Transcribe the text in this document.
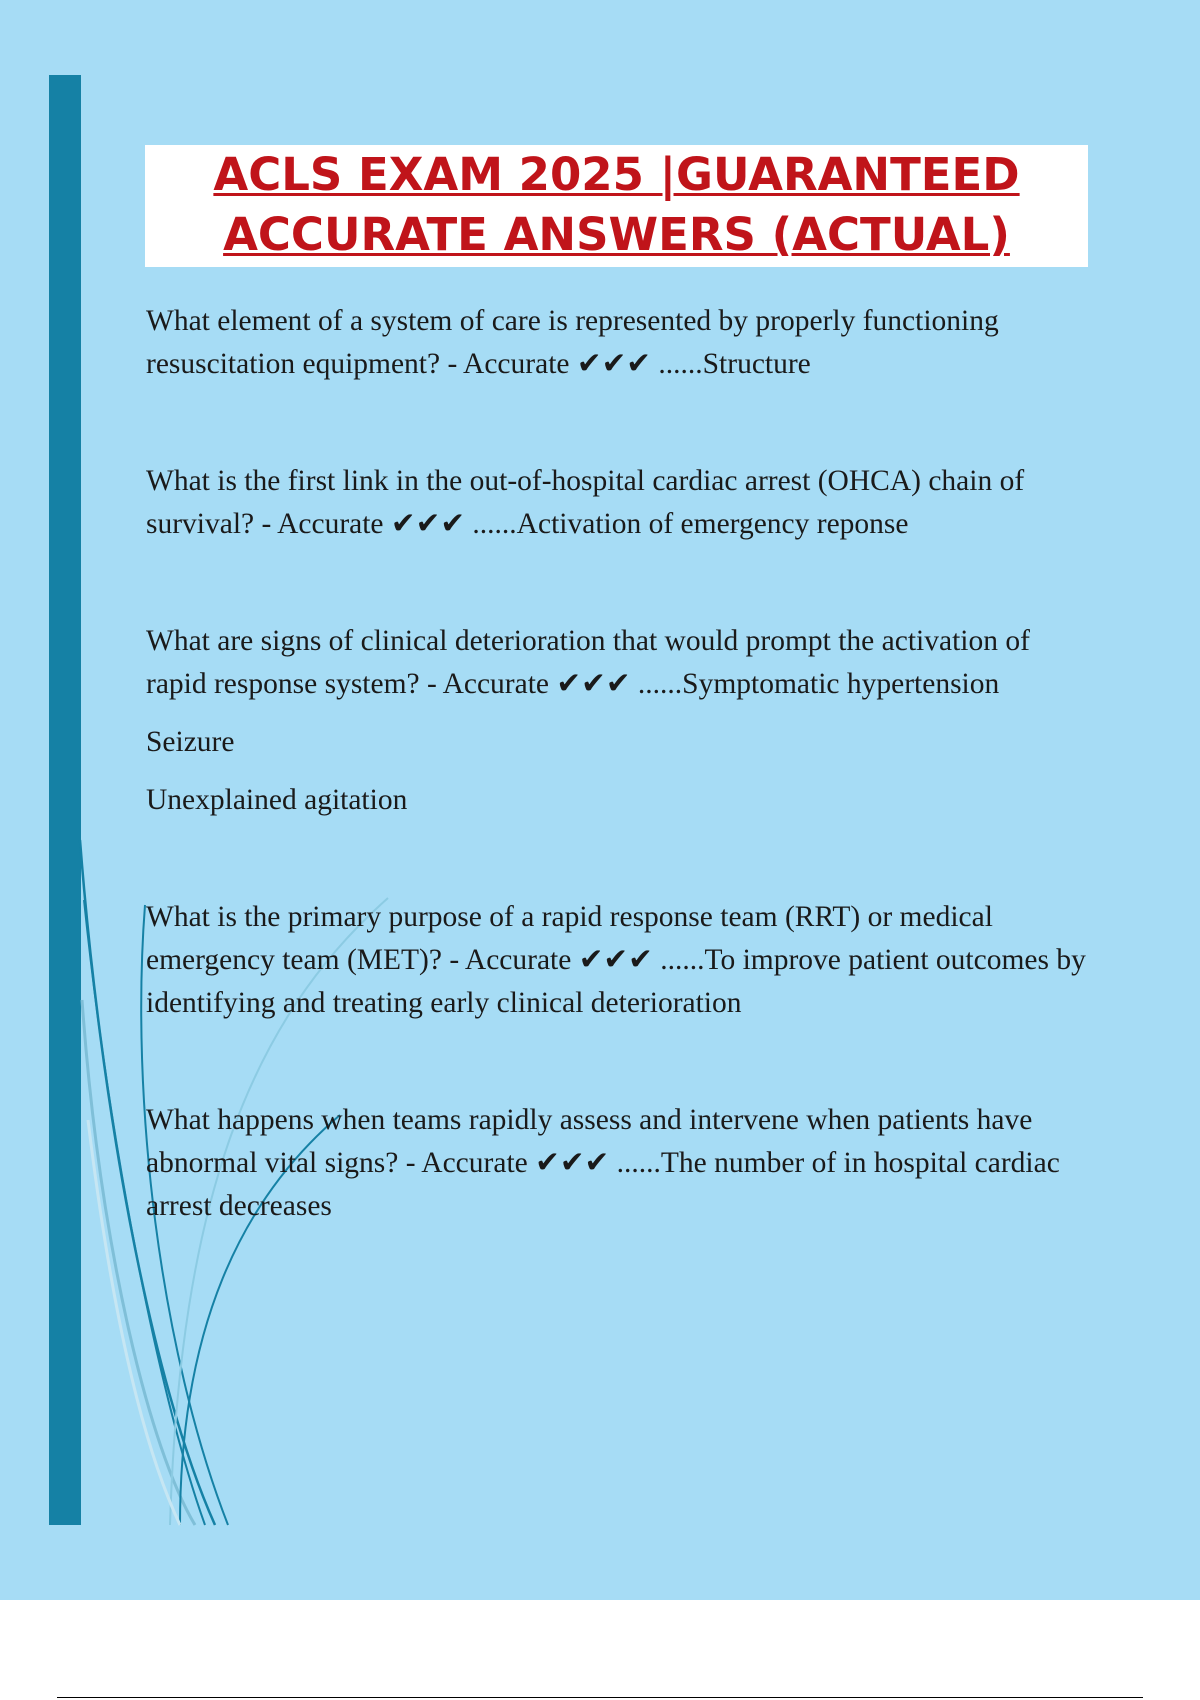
ACLS EXAM 2025 |GUARANTEED
ACCURATE ANSWERS (ACTUAL)

What element of a system of care is represented by properly functioning resuscitation equipment? - Accurate ✔✔✔ ......Structure

What is the first link in the out-of-hospital cardiac arrest (OHCA) chain of survival? - Accurate ✔✔✔ ......Activation of emergency reponse

What are signs of clinical deterioration that would prompt the activation of rapid response system? - Accurate ✔✔✔ ......Symptomatic hypertension

Seizure

Unexplained agitation

What is the primary purpose of a rapid response team (RRT) or medical emergency team (MET)? - Accurate ✔✔✔ ......To improve patient outcomes by identifying and treating early clinical deterioration

What happens when teams rapidly assess and intervene when patients have abnormal vital signs? - Accurate ✔✔✔ ......The number of in hospital cardiac arrest decreases
